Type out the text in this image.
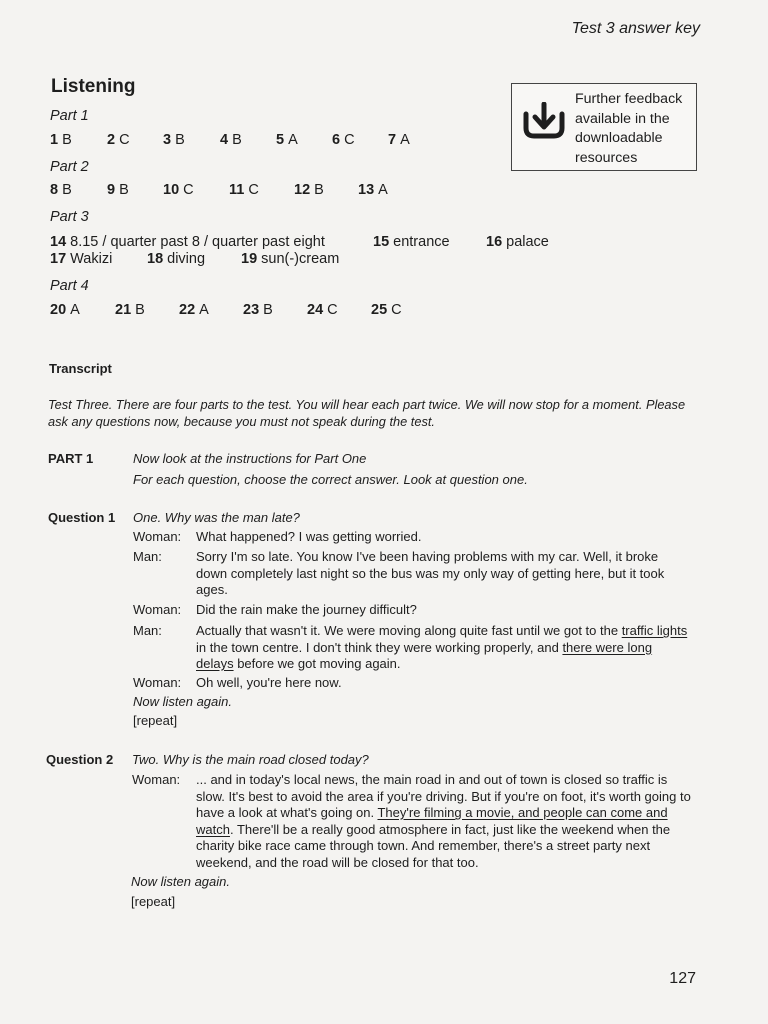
Test 3 answer key
Listening
Part 1
1 B 2 C 3 B 4 B 5 A 6 C 7 A
Part 2
8 B 9 B 10 C 11 C 12 B 13 A
Part 3
14 8.15 / quarter past 8 / quarter past eight	15 entrance	16 palace
17 Wakizi 18 diving 19 sun(-)cream
Part 4
20 A 21 B 22 A 23 B 24 C 25 C
Further feedback available in the downloadable resources
Transcript
Test Three. There are four parts to the test. You will hear each part twice. We will now stop for a moment. Please ask any questions now, because you must not speak during the test.
PART 1	Now look at the instructions for Part One
For each question, choose the correct answer. Look at question one.
Question 1 One. Why was the man late?
Woman:	What happened? I was getting worried.
Man:	Sorry I'm so late. You know I've been having problems with my car. Well, it broke down completely last night so the bus was my only way of getting here, but it took ages.
Woman:	Did the rain make the journey difficult?
Man:	Actually that wasn't it. We were moving along quite fast until we got to the traffic lights in the town centre. I don't think they were working properly, and there were long delays before we got moving again.
Woman:	Oh well, you're here now.
Now listen again.
[repeat]
Question 2 Two. Why is the main road closed today?
Woman:	... and in today's local news, the main road in and out of town is closed so traffic is slow. It's best to avoid the area if you're driving. But if you're on foot, it's worth going to have a look at what's going on. They're filming a movie, and people can come and watch. There'll be a really good atmosphere in fact, just like the weekend when the charity bike race came through town. And remember, there's a street party next weekend, and the road will be closed for that too.
Now listen again.
[repeat]
127
